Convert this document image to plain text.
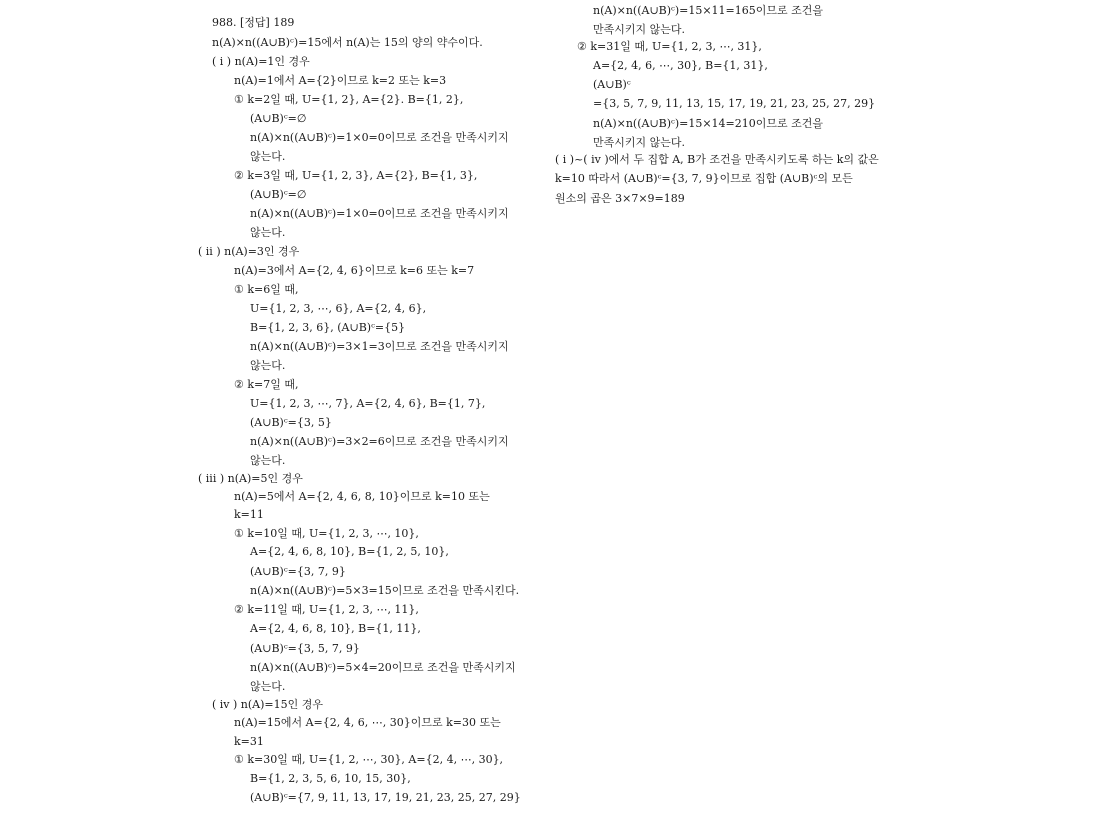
988. [정답] 189
n(A)×n((A∪B)ᶜ)=15에서 n(A)는 15의 양의 약수이다.
( i ) n(A)=1인 경우
n(A)=1에서 A={2}이므로 k=2 또는 k=3
① k=2일 때, U={1, 2}, A={2}. B={1, 2},
(A∪B)ᶜ=∅
n(A)×n((A∪B)ᶜ)=1×0=0이므로 조건을 만족시키지
않는다.
② k=3일 때, U={1, 2, 3}, A={2}, B={1, 3},
(A∪B)ᶜ=∅
n(A)×n((A∪B)ᶜ)=1×0=0이므로 조건을 만족시키지
않는다.
( ii ) n(A)=3인 경우
n(A)=3에서 A={2, 4, 6}이므로 k=6 또는 k=7
① k=6일 때,
U={1, 2, 3, ⋯, 6}, A={2, 4, 6},
B={1, 2, 3, 6}, (A∪B)ᶜ={5}
n(A)×n((A∪B)ᶜ)=3×1=3이므로 조건을 만족시키지
않는다.
② k=7일 때,
U={1, 2, 3, ⋯, 7}, A={2, 4, 6}, B={1, 7},
(A∪B)ᶜ={3, 5}
n(A)×n((A∪B)ᶜ)=3×2=6이므로 조건을 만족시키지
않는다.
( iii ) n(A)=5인 경우
n(A)=5에서 A={2, 4, 6, 8, 10}이므로 k=10 또는
k=11
① k=10일 때, U={1, 2, 3, ⋯, 10},
A={2, 4, 6, 8, 10}, B={1, 2, 5, 10},
(A∪B)ᶜ={3, 7, 9}
n(A)×n((A∪B)ᶜ)=5×3=15이므로 조건을 만족시킨다.
② k=11일 때, U={1, 2, 3, ⋯, 11},
A={2, 4, 6, 8, 10}, B={1, 11},
(A∪B)ᶜ={3, 5, 7, 9}
n(A)×n((A∪B)ᶜ)=5×4=20이므로 조건을 만족시키지
않는다.
( iv ) n(A)=15인 경우
n(A)=15에서 A={2, 4, 6, ⋯, 30}이므로 k=30 또는
k=31
① k=30일 때, U={1, 2, ⋯, 30}, A={2, 4, ⋯, 30},
B={1, 2, 3, 5, 6, 10, 15, 30},
(A∪B)ᶜ={7, 9, 11, 13, 17, 19, 21, 23, 25, 27, 29}
n(A)×n((A∪B)ᶜ)=15×11=165이므로 조건을
만족시키지 않는다.
② k=31일 때, U={1, 2, 3, ⋯, 31},
A={2, 4, 6, ⋯, 30}, B={1, 31},
(A∪B)ᶜ
={3, 5, 7, 9, 11, 13, 15, 17, 19, 21, 23, 25, 27, 29}
n(A)×n((A∪B)ᶜ)=15×14=210이므로 조건을
만족시키지 않는다.
( i )~( iv )에서 두 집합 A, B가 조건을 만족시키도록 하는 k의 값은
k=10 따라서 (A∪B)ᶜ={3, 7, 9}이므로 집합 (A∪B)ᶜ의 모든
원소의 곱은 3×7×9=189
